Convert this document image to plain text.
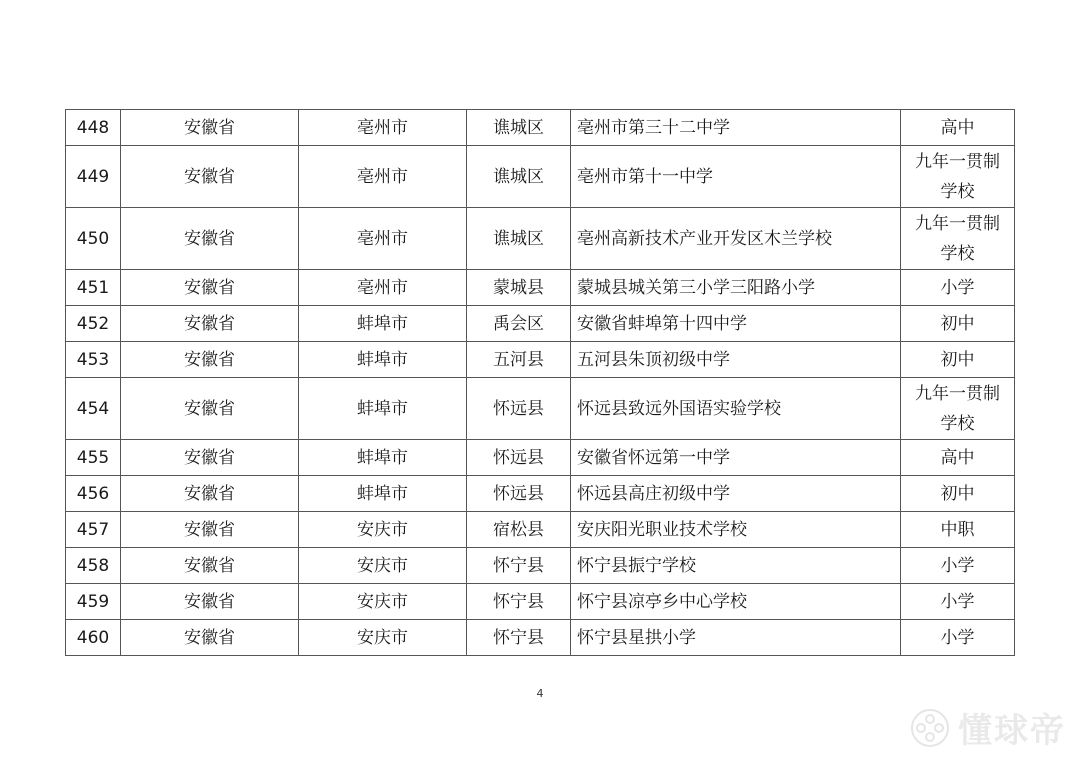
448	安徽省	亳州市	谯城区	亳州市第三十二中学	高中
449	安徽省	亳州市	谯城区	亳州市第十一中学	九年一贯制学校
450	安徽省	亳州市	谯城区	亳州高新技术产业开发区木兰学校	九年一贯制学校
451	安徽省	亳州市	蒙城县	蒙城县城关第三小学三阳路小学	小学
452	安徽省	蚌埠市	禹会区	安徽省蚌埠第十四中学	初中
453	安徽省	蚌埠市	五河县	五河县朱顶初级中学	初中
454	安徽省	蚌埠市	怀远县	怀远县致远外国语实验学校	九年一贯制学校
455	安徽省	蚌埠市	怀远县	安徽省怀远第一中学	高中
456	安徽省	蚌埠市	怀远县	怀远县高庄初级中学	初中
457	安徽省	安庆市	宿松县	安庆阳光职业技术学校	中职
458	安徽省	安庆市	怀宁县	怀宁县振宁学校	小学
459	安徽省	安庆市	怀宁县	怀宁县凉亭乡中心学校	小学
460	安徽省	安庆市	怀宁县	怀宁县星拱小学	小学
4
懂球帝
